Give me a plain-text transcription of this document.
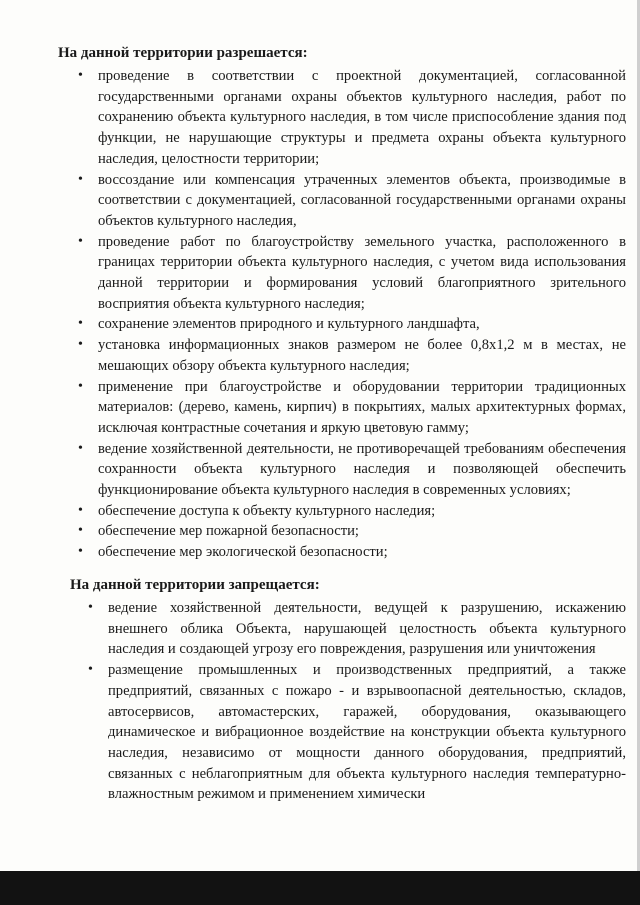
На данной территории разрешается:
• проведение в соответствии с проектной документацией, согласованной государственными органами охраны объектов культурного наследия, работ по сохранению объекта культурного наследия, в том числе приспособление здания под функции, не нарушающие структуры и предмета охраны объекта культурного наследия, целостности территории;
• воссоздание или компенсация утраченных элементов объекта, производимые в соответствии с документацией, согласованной государственными органами охраны объектов культурного наследия,
• проведение работ по благоустройству земельного участка, расположенного в границах территории объекта культурного наследия, с учетом вида использования данной территории и формирования условий благоприятного зрительного восприятия объекта культурного наследия;
• сохранение элементов природного и культурного ландшафта,
• установка информационных знаков размером не более 0,8x1,2 м в местах, не мешающих обзору объекта культурного наследия;
• применение при благоустройстве и оборудовании территории традиционных материалов: (дерево, камень, кирпич) в покрытиях, малых архитектурных формах, исключая контрастные сочетания и яркую цветовую гамму;
• ведение хозяйственной деятельности, не противоречащей требованиям обеспечения сохранности объекта культурного наследия и позволяющей обеспечить функционирование объекта культурного наследия в современных условиях;
• обеспечение доступа к объекту культурного наследия;
• обеспечение мер пожарной безопасности;
• обеспечение мер экологической безопасности;
На данной территории запрещается:
• ведение хозяйственной деятельности, ведущей к разрушению, искажению внешнего облика Объекта, нарушающей целостность объекта культурного наследия и создающей угрозу его повреждения, разрушения или уничтожения
• размещение промышленных и производственных предприятий, а также предприятий, связанных с пожаро - и взрывоопасной деятельностью, складов, автосервисов, автомастерских, гаражей, оборудования, оказывающего динамическое и вибрационное воздействие на конструкции объекта культурного наследия, независимо от мощности данного оборудования, предприятий, связанных с неблагоприятным для объекта культурного наследия температурно-влажностным режимом и применением химически
